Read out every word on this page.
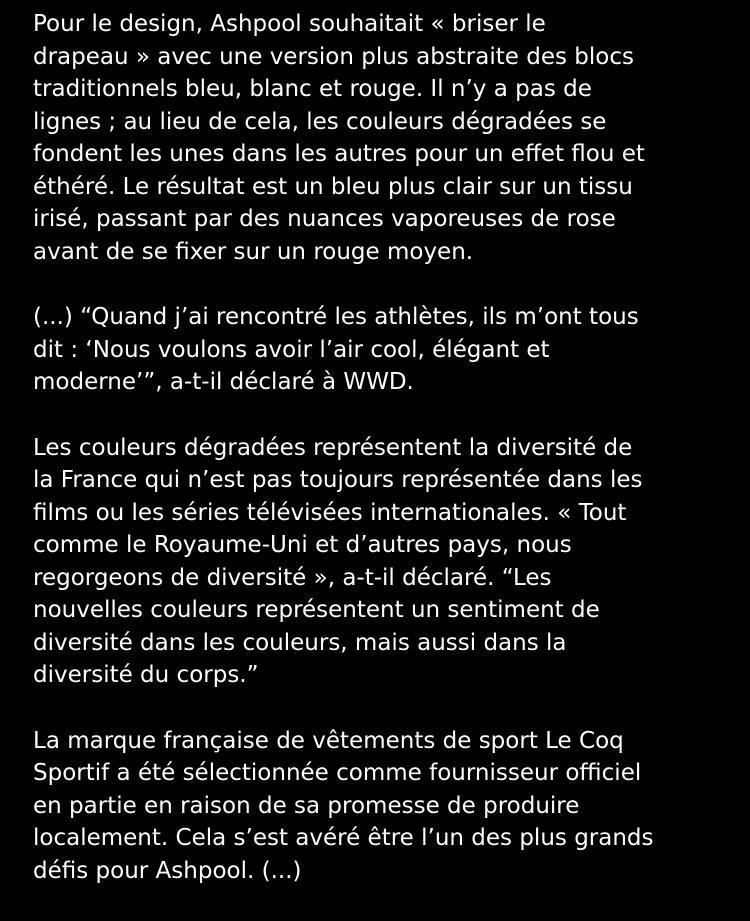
Pour le design, Ashpool souhaitait « briser le
drapeau » avec une version plus abstraite des blocs
traditionnels bleu, blanc et rouge. Il n’y a pas de
lignes ; au lieu de cela, les couleurs dégradées se
fondent les unes dans les autres pour un effet flou et
éthéré. Le résultat est un bleu plus clair sur un tissu
irisé, passant par des nuances vaporeuses de rose
avant de se fixer sur un rouge moyen.

(...) “Quand j’ai rencontré les athlètes, ils m’ont tous
dit : ‘Nous voulons avoir l’air cool, élégant et
moderne’”, a-t-il déclaré à WWD.

Les couleurs dégradées représentent la diversité de
la France qui n’est pas toujours représentée dans les
films ou les séries télévisées internationales. « Tout
comme le Royaume-Uni et d’autres pays, nous
regorgeons de diversité », a-t-il déclaré. “Les
nouvelles couleurs représentent un sentiment de
diversité dans les couleurs, mais aussi dans la
diversité du corps.”

La marque française de vêtements de sport Le Coq
Sportif a été sélectionnée comme fournisseur officiel
en partie en raison de sa promesse de produire
localement. Cela s’est avéré être l’un des plus grands
défis pour Ashpool. (...)
